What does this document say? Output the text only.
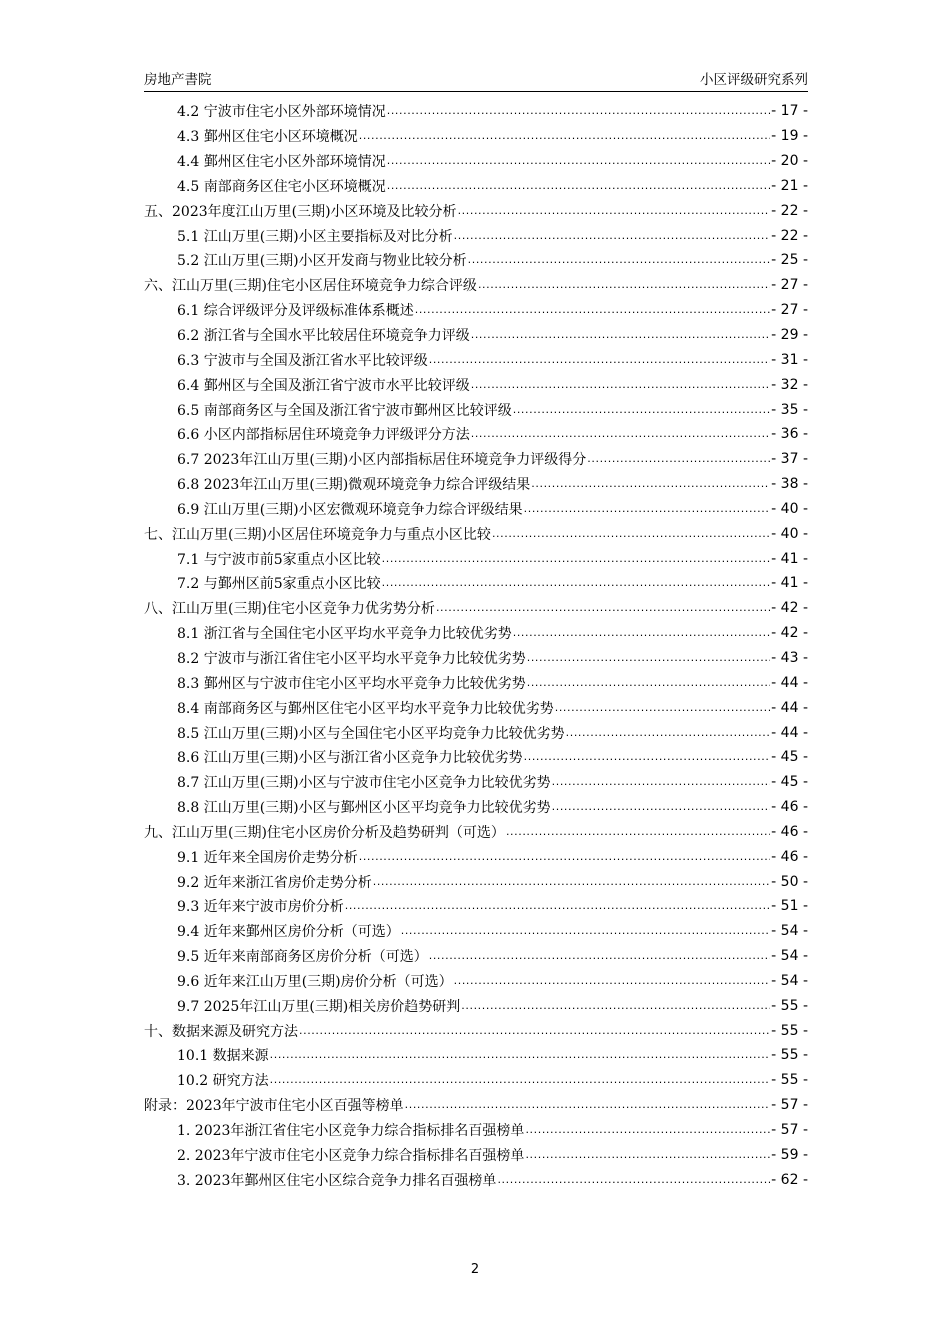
房地产書院	小区评级研究系列
4.2 宁波市住宅小区外部环境情况 .....	- 17 -
4.3 鄞州区住宅小区环境概况 .....	- 19 -
4.4 鄞州区住宅小区外部环境情况 .....	- 20 -
4.5 南部商务区住宅小区环境概况 .....	- 21 -
五、2023年度江山万里(三期)小区环境及比较分析 .....	- 22 -
5.1 江山万里(三期)小区主要指标及对比分析 .....	- 22 -
5.2 江山万里(三期)小区开发商与物业比较分析 .....	- 25 -
六、江山万里(三期)住宅小区居住环境竞争力综合评级 .....	- 27 -
6.1 综合评级评分及评级标准体系概述 .....	- 27 -
6.2 浙江省与全国水平比较居住环境竞争力评级 .....	- 29 -
6.3 宁波市与全国及浙江省水平比较评级 .....	- 31 -
6.4 鄞州区与全国及浙江省宁波市水平比较评级 .....	- 32 -
6.5 南部商务区与全国及浙江省宁波市鄞州区比较评级 .....	- 35 -
6.6 小区内部指标居住环境竞争力评级评分方法 .....	- 36 -
6.7 2023年江山万里(三期)小区内部指标居住环境竞争力评级得分 .....	- 37 -
6.8 2023年江山万里(三期)微观环境竞争力综合评级结果 .....	- 38 -
6.9 江山万里(三期)小区宏微观环境竞争力综合评级结果 .....	- 40 -
七、江山万里(三期)小区居住环境竞争力与重点小区比较 .....	- 40 -
7.1 与宁波市前5家重点小区比较 .....	- 41 -
7.2 与鄞州区前5家重点小区比较 .....	- 41 -
八、江山万里(三期)住宅小区竞争力优劣势分析 .....	- 42 -
8.1 浙江省与全国住宅小区平均水平竞争力比较优劣势 .....	- 42 -
8.2 宁波市与浙江省住宅小区平均水平竞争力比较优劣势 .....	- 43 -
8.3 鄞州区与宁波市住宅小区平均水平竞争力比较优劣势 .....	- 44 -
8.4 南部商务区与鄞州区住宅小区平均水平竞争力比较优劣势 .....	- 44 -
8.5 江山万里(三期)小区与全国住宅小区平均竞争力比较优劣势 .....	- 44 -
8.6 江山万里(三期)小区与浙江省小区竞争力比较优劣势 .....	- 45 -
8.7 江山万里(三期)小区与宁波市住宅小区竞争力比较优劣势 .....	- 45 -
8.8 江山万里(三期)小区与鄞州区小区平均竞争力比较优劣势 .....	- 46 -
九、江山万里(三期)住宅小区房价分析及趋势研判（可选） .....	- 46 -
9.1 近年来全国房价走势分析 .....	- 46 -
9.2 近年来浙江省房价走势分析 .....	- 50 -
9.3 近年来宁波市房价分析 .....	- 51 -
9.4 近年来鄞州区房价分析（可选） .....	- 54 -
9.5 近年来南部商务区房价分析（可选） .....	- 54 -
9.6 近年来江山万里(三期)房价分析（可选） .....	- 54 -
9.7 2025年江山万里(三期)相关房价趋势研判 .....	- 55 -
十、数据来源及研究方法 .....	- 55 -
10.1 数据来源 .....	- 55 -
10.2 研究方法 .....	- 55 -
附录：2023年宁波市住宅小区百强等榜单 .....	- 57 -
1. 2023年浙江省住宅小区竞争力综合指标排名百强榜单 .....	- 57 -
2. 2023年宁波市住宅小区竞争力综合指标排名百强榜单 .....	- 59 -
3. 2023年鄞州区住宅小区综合竞争力排名百强榜单 .....	- 62 -
2
